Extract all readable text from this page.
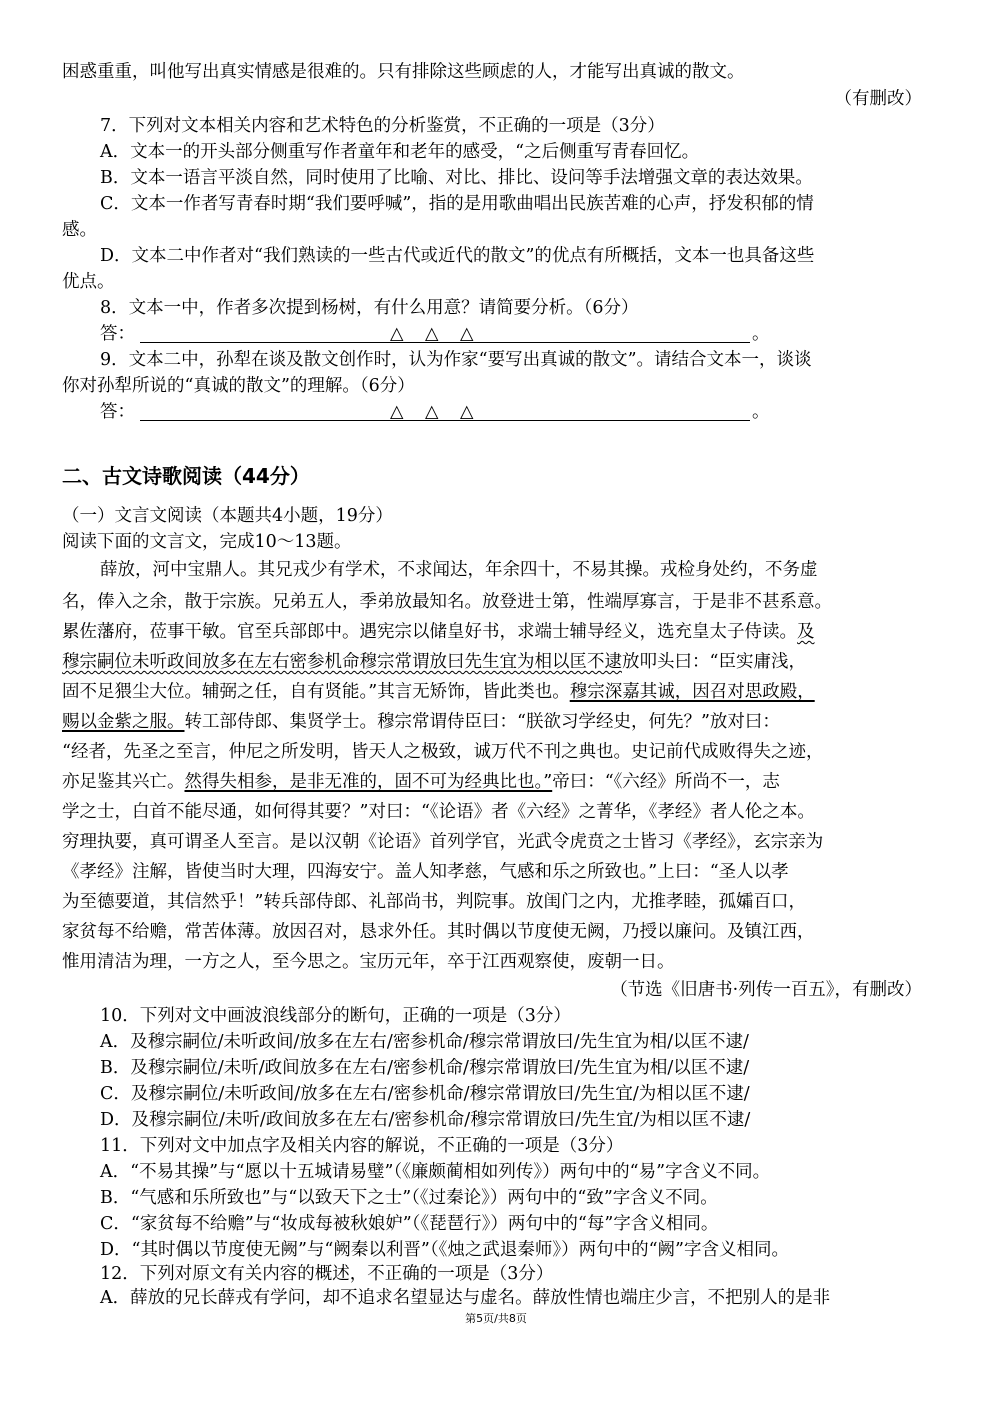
困惑重重，叫他写出真实情感是很难的。只有排除这些顾虑的人，才能写出真诚的散文。
（有删改）
7．下列对文本相关内容和艺术特色的分析鉴赏，不正确的一项是（3分）
A．文本一的开头部分侧重写作者童年和老年的感受，“之后侧重写青春回忆。
B．文本一语言平淡自然，同时使用了比喻、对比、排比、设问等手法增强文章的表达效果。
C．文本一作者写青春时期“我们要呼喊”，指的是用歌曲唱出民族苦难的心声，抒发积郁的情
感。
D．文本二中作者对“我们熟读的一些古代或近代的散文”的优点有所概括，文本一也具备这些
优点。
8．文本一中，作者多次提到杨树，有什么用意？请简要分析。（6分）
答：	△ △ △	。
9．文本二中，孙犁在谈及散文创作时，认为作家“要写出真诚的散文”。请结合文本一，谈谈
你对孙犁所说的“真诚的散文”的理解。（6分）
答：	△ △ △	。
二、古文诗歌阅读（44分）
（一）文言文阅读（本题共4小题，19分）
阅读下面的文言文，完成10～13题。
薛放，河中宝鼎人。其兄戎少有学术，不求闻达，年余四十，不易其操。戎检身处约，不务虚
名，俸入之余，散于宗族。兄弟五人，季弟放最知名。放登进士第，性端厚寡言，于是非不甚系意。
累佐藩府，莅事干敏。官至兵部郎中。遇宪宗以储皇好书，求端士辅导经义，选充皇太子侍读。及
穆宗嗣位未听政间放多在左右密参机命穆宗常谓放曰先生宜为相以匡不逮放叩头曰：“臣实庸浅，
固不足猥尘大位。辅弼之任，自有贤能。”其言无矫饰，皆此类也。穆宗深嘉其诚，因召对思政殿，
赐以金紫之服。转工部侍郎、集贤学士。穆宗常谓侍臣曰：“朕欲习学经史，何先？”放对曰：
“经者，先圣之至言，仲尼之所发明，皆天人之极致，诚万代不刊之典也。史记前代成败得失之迹，
亦足鉴其兴亡。然得失相参，是非无准的，固不可为经典比也。”帝曰：“《六经》所尚不一，志
学之士，白首不能尽通，如何得其要？”对曰：“《论语》者《六经》之菁华，《孝经》者人伦之本。
穷理执要，真可谓圣人至言。是以汉朝《论语》首列学官，光武令虎贲之士皆习《孝经》，玄宗亲为
《孝经》注解，皆使当时大理，四海安宁。盖人知孝慈，气感和乐之所致也。”上曰：“圣人以孝
为至德要道，其信然乎！”转兵部侍郎、礼部尚书，判院事。放闺门之内，尤推孝睦，孤孀百口，
家贫每不给赡，常苦体薄。放因召对，恳求外任。其时偶以节度使无阙，乃授以廉问。及镇江西，
惟用清洁为理，一方之人，至今思之。宝历元年，卒于江西观察使，废朝一日。
（节选《旧唐书·列传一百五》，有删改）
10．下列对文中画波浪线部分的断句，正确的一项是（3分）
A．及穆宗嗣位/未听政间/放多在左右/密参机命/穆宗常谓放曰/先生宜为相/以匡不逮/
B．及穆宗嗣位/未听/政间放多在左右/密参机命/穆宗常谓放曰/先生宜为相/以匡不逮/
C．及穆宗嗣位/未听政间/放多在左右/密参机命/穆宗常谓放曰/先生宜/为相以匡不逮/
D．及穆宗嗣位/未听/政间放多在左右/密参机命/穆宗常谓放曰/先生宜/为相以匡不逮/
11．下列对文中加点字及相关内容的解说，不正确的一项是（3分）
A．“不易其操”与“愿以十五城请易璧”（《廉颇蔺相如列传》）两句中的“易”字含义不同。
B．“气感和乐所致也”与“以致天下之士”（《过秦论》）两句中的“致”字含义不同。
C．“家贫每不给赡”与“妆成每被秋娘妒”（《琵琶行》）两句中的“每”字含义相同。
D．“其时偶以节度使无阙”与“阙秦以利晋”（《烛之武退秦师》）两句中的“阙”字含义相同。
12．下列对原文有关内容的概述，不正确的一项是（3分）
A．薛放的兄长薛戎有学问，却不追求名望显达与虚名。薛放性情也端庄少言，不把别人的是非
第5页/共8页
